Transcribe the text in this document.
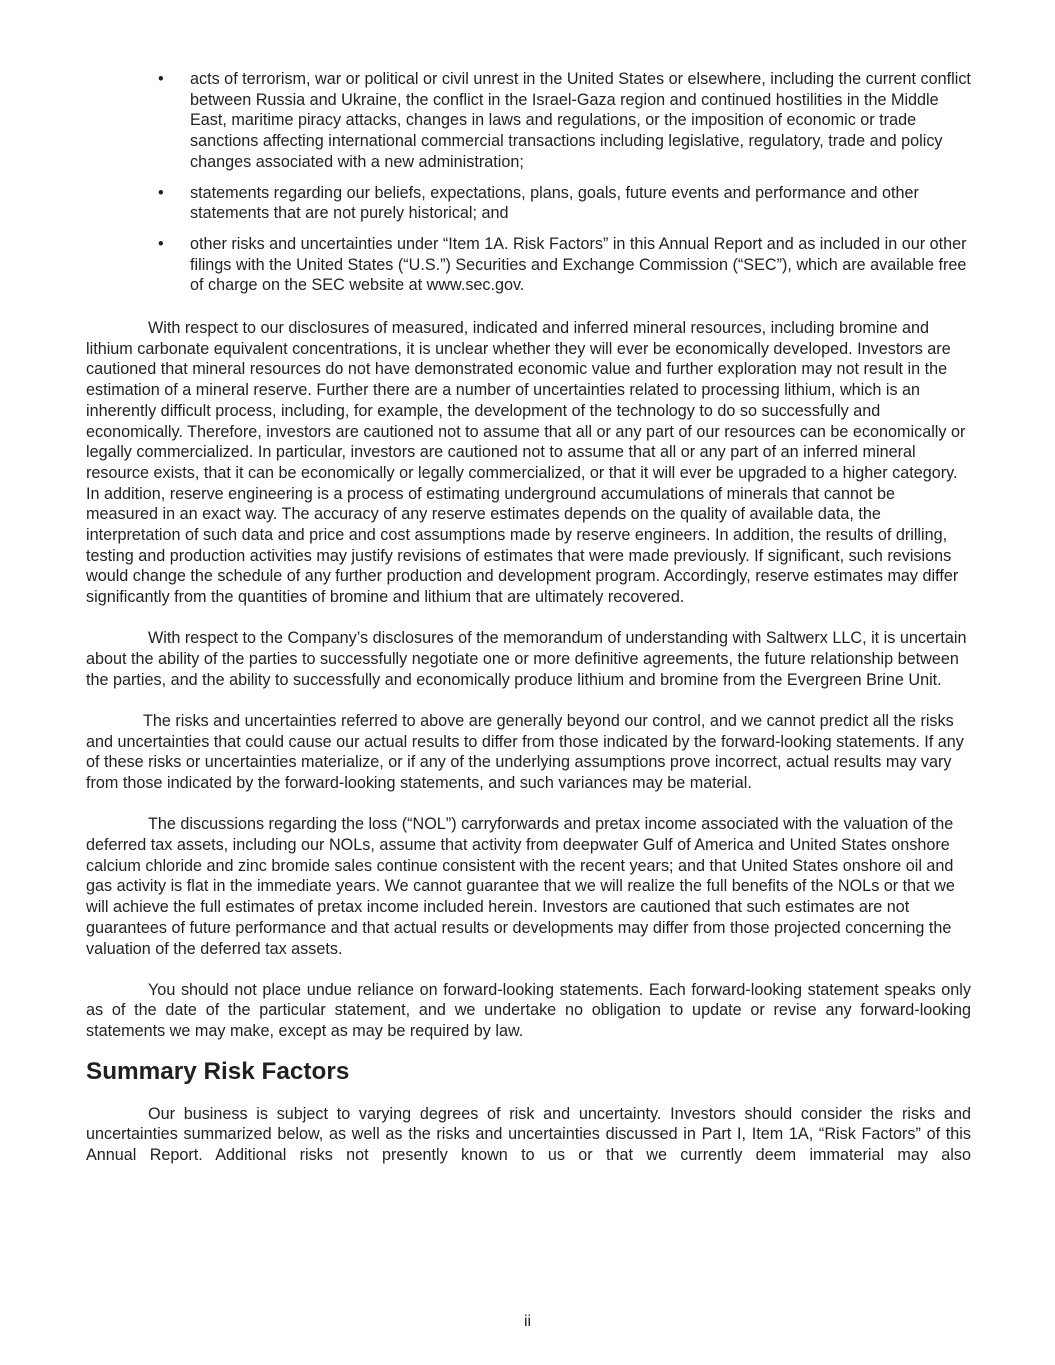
• acts of terrorism, war or political or civil unrest in the United States or elsewhere, including the current conflict between Russia and Ukraine, the conflict in the Israel-Gaza region and continued hostilities in the Middle East, maritime piracy attacks, changes in laws and regulations, or the imposition of economic or trade sanctions affecting international commercial transactions including legislative, regulatory, trade and policy changes associated with a new administration;
• statements regarding our beliefs, expectations, plans, goals, future events and performance and other statements that are not purely historical; and
• other risks and uncertainties under “Item 1A. Risk Factors” in this Annual Report and as included in our other filings with the United States (“U.S.”) Securities and Exchange Commission (“SEC”), which are available free of charge on the SEC website at www.sec.gov.

With respect to our disclosures of measured, indicated and inferred mineral resources, including bromine and lithium carbonate equivalent concentrations, it is unclear whether they will ever be economically developed. Investors are cautioned that mineral resources do not have demonstrated economic value and further exploration may not result in the estimation of a mineral reserve. Further there are a number of uncertainties related to processing lithium, which is an inherently difficult process, including, for example, the development of the technology to do so successfully and economically. Therefore, investors are cautioned not to assume that all or any part of our resources can be economically or legally commercialized. In particular, investors are cautioned not to assume that all or any part of an inferred mineral resource exists, that it can be economically or legally commercialized, or that it will ever be upgraded to a higher category. In addition, reserve engineering is a process of estimating underground accumulations of minerals that cannot be measured in an exact way. The accuracy of any reserve estimates depends on the quality of available data, the interpretation of such data and price and cost assumptions made by reserve engineers. In addition, the results of drilling, testing and production activities may justify revisions of estimates that were made previously. If significant, such revisions would change the schedule of any further production and development program. Accordingly, reserve estimates may differ significantly from the quantities of bromine and lithium that are ultimately recovered.

With respect to the Company’s disclosures of the memorandum of understanding with Saltwerx LLC, it is uncertain about the ability of the parties to successfully negotiate one or more definitive agreements, the future relationship between the parties, and the ability to successfully and economically produce lithium and bromine from the Evergreen Brine Unit.

The risks and uncertainties referred to above are generally beyond our control, and we cannot predict all the risks and uncertainties that could cause our actual results to differ from those indicated by the forward-looking statements. If any of these risks or uncertainties materialize, or if any of the underlying assumptions prove incorrect, actual results may vary from those indicated by the forward-looking statements, and such variances may be material.

The discussions regarding the loss (“NOL”) carryforwards and pretax income associated with the valuation of the deferred tax assets, including our NOLs, assume that activity from deepwater Gulf of America and United States onshore calcium chloride and zinc bromide sales continue consistent with the recent years; and that United States onshore oil and gas activity is flat in the immediate years. We cannot guarantee that we will realize the full benefits of the NOLs or that we will achieve the full estimates of pretax income included herein. Investors are cautioned that such estimates are not guarantees of future performance and that actual results or developments may differ from those projected concerning the valuation of the deferred tax assets.

You should not place undue reliance on forward-looking statements. Each forward-looking statement speaks only as of the date of the particular statement, and we undertake no obligation to update or revise any forward-looking statements we may make, except as may be required by law.

Summary Risk Factors

Our business is subject to varying degrees of risk and uncertainty. Investors should consider the risks and uncertainties summarized below, as well as the risks and uncertainties discussed in Part I, Item 1A, “Risk Factors” of this Annual Report. Additional risks not presently known to us or that we currently deem immaterial may also

ii
